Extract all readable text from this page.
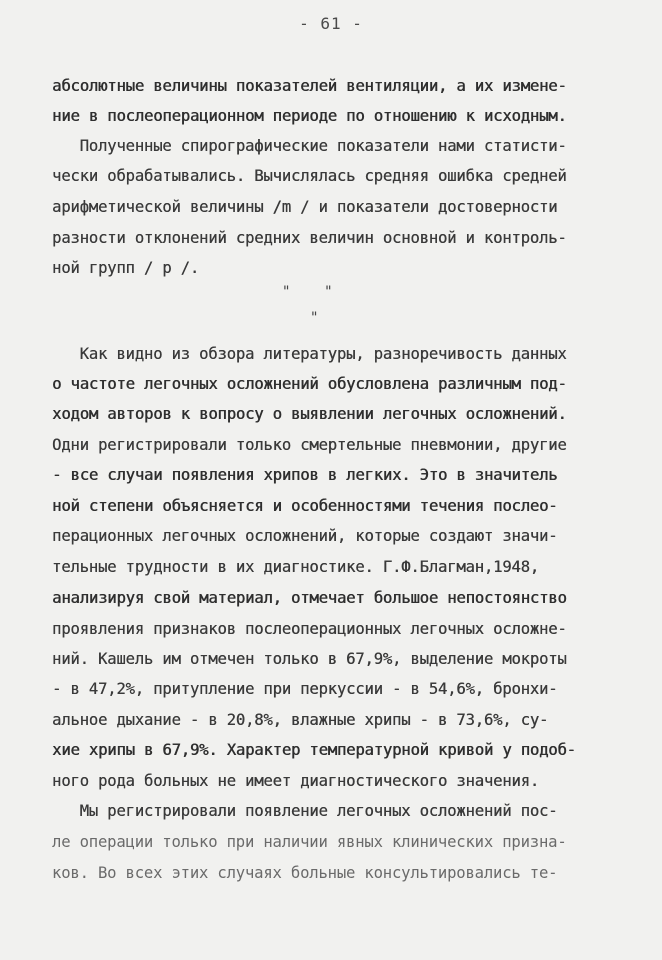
- 61 -
абсолютные величины показателей вентиляции, а их измене-
ние в послеоперационном периоде по отношению к исходным.
Полученные спирографические показатели нами статисти-
чески обрабатывались. Вычислялась средняя ошибка средней
арифметической величины /m / и показатели достоверности
разности отклонений средних величин основной и контроль-
ной групп / р /.
"    "
"
Как видно из обзора литературы, разноречивость данных
о частоте легочных осложнений обусловлена различным под-
ходом авторов к вопросу о выявлении легочных осложнений.
Одни регистрировали только смертельные пневмонии, другие
- все случаи появления хрипов в легких. Это в значитель
ной степени объясняется и особенностями течения послео-
перационных легочных осложнений, которые создают значи-
тельные трудности в их диагностике. Г.Ф.Благман,1948,
анализируя свой материал, отмечает большое непостоянство
проявления признаков послеоперационных легочных осложне-
ний. Кашель им отмечен только в 67,9%, выделение мокроты
- в 47,2%, притупление при перкуссии - в 54,6%, бронхи-
альное дыхание - в 20,8%, влажные хрипы - в 73,6%, су-
хие хрипы в 67,9%. Характер температурной кривой у подоб-
ного рода больных не имеет диагностического значения.
Мы регистрировали появление легочных осложнений пос-
ле операции только при наличии явных клинических призна-
ков. Во всех этих случаях больные консультировались те-
